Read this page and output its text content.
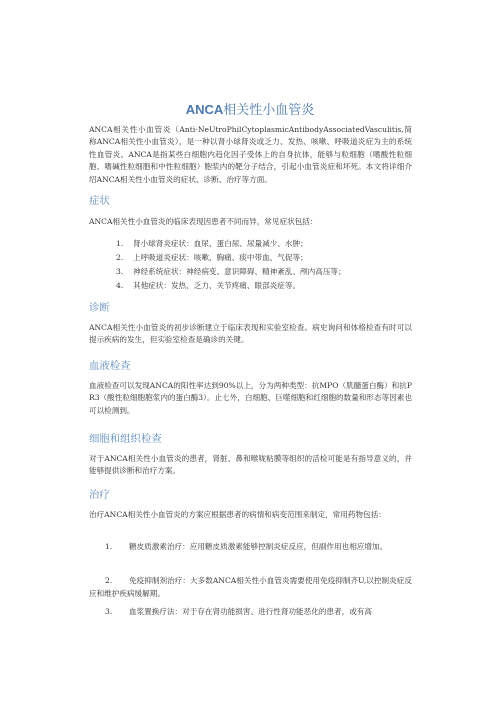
ANCA相关性小血管炎

ANCA相关性小血管炎（Anti-NeUtroPhilCytoplasmicAntibodyAssociatedVasculitis,简称ANCA相关性小血管炎），是一种以肾小球肾炎或乏力、发热、咳嗽、呼吸道炎症为主的系统性血管炎。ANCA是指某些白细胞内趋化因子受体上的自身抗体，能够与粒细胞（嗜酸性粒细胞、嗜碱性粒细胞和中性粒细胞）胞浆内的靶分子结合，引起小血管炎症和坏死。本文将详细介绍ANCA相关性小血管炎的症状、诊断、治疗等方面。

症状

ANCA相关性小血管炎的临床表现因患者不同而异，常见症状包括：

1. 肾小球肾炎症状：血尿、蛋白尿、尿量减少、水肿；
2. 上呼吸道炎症状：咳嗽、胸痛、痰中带血、气促等；
3. 神经系统症状：神经病变、意识障碍、精神紊乱、颅内高压等；
4. 其他症状：发热、乏力、关节疼痛、眼部炎症等。
诊断

ANCA相关性小血管炎的初步诊断建立于临床表现和实验室检查。病史询问和体格检查有时可以提示疾病的发生，但实验室检查是确诊的关键。

血液检查

血液检查可以发现ANCA的阳性率达到90%以上，分为两种类型：抗MPO（肌髓蛋白酶）和抗PR3（酸性粒细胞胞浆内的蛋白酶3）。止七外，白细胞、巨噬细胞和红细胞的数量和形态等因素也可以检测到。

细胞和组织检查

对于ANCA相关性小血管炎的患者，肾脏、鼻和喉咙粘膜等组织的活检可能是有指导意义的，并能够提供诊断和治疗方案。

治疗

治疗ANCA相关性小血管炎的方案应根据患者的病情和病变范围来制定，常用药物包括：

1. 糖皮质激素治疗：应用糖皮质激素能够控制炎症反应，但副作用也相应增加。
2. 免疫抑制剂治疗：大多数ANCA相关性小血管炎需要使用免疫抑制齐U,以控制炎症反应和维护疾病缓解期。
3. 血浆置换疗法：对于存在肾功能损害、进行性肾功能恶化的患者，或有高
